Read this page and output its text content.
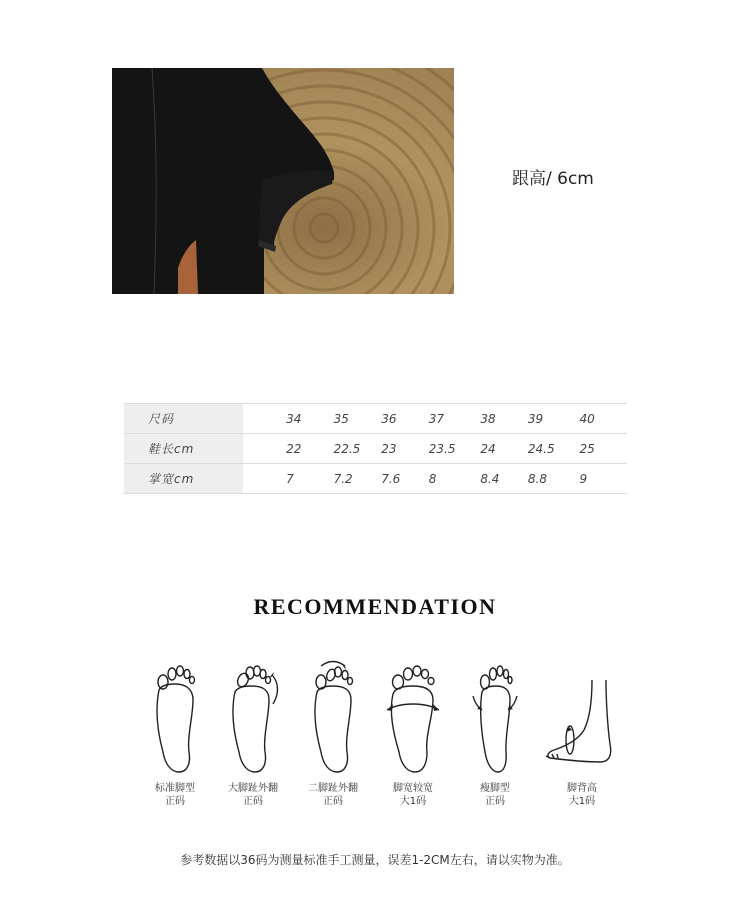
跟高/ 6cm
尺码		34	35	36	37	38	39	40
鞋长cm		22	22.5	23	23.5	24	24.5	25
掌宽cm		7	7.2	7.6	8	8.4	8.8	9
RECOMMENDATION
标准脚型
正码
大脚趾外翻
正码
二脚趾外翻
正码
脚宽较宽
大1码
瘦脚型
正码
脚背高
大1码
参考数据以36码为测量标准手工测量，误差1-2CM左右，请以实物为准。
